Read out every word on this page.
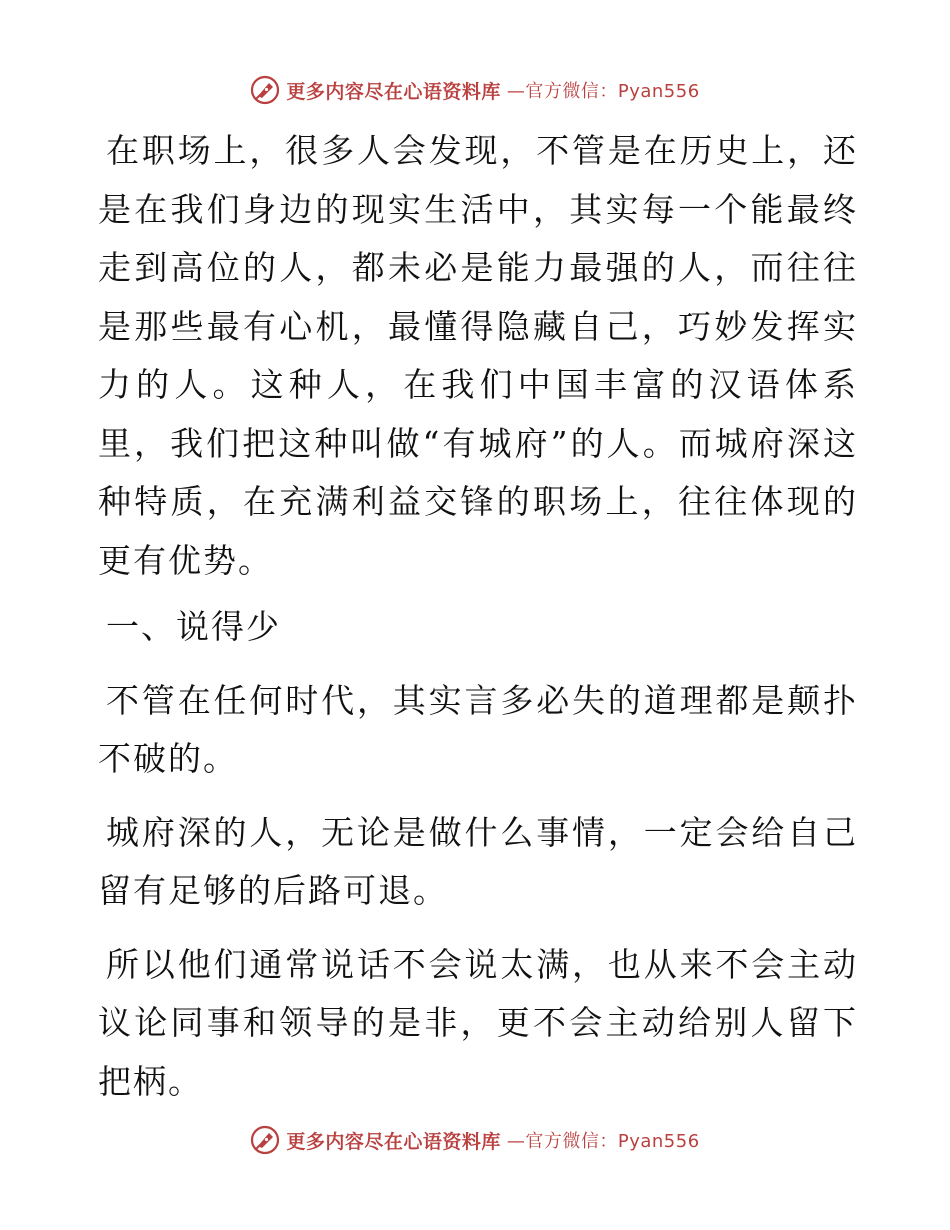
更多内容尽在心语资料库 —官方微信：Pyan556

在职场上，很多人会发现，不管是在历史上，还是在我们身边的现实生活中，其实每一个能最终走到高位的人，都未必是能力最强的人，而往往是那些最有心机，最懂得隐藏自己，巧妙发挥实力的人。这种人，在我们中国丰富的汉语体系里，我们把这种叫做“有城府”的人。而城府深这种特质，在充满利益交锋的职场上，往往体现的更有优势。

一、说得少

不管在任何时代，其实言多必失的道理都是颠扑不破的。

城府深的人，无论是做什么事情，一定会给自己留有足够的后路可退。

所以他们通常说话不会说太满，也从来不会主动议论同事和领导的是非，更不会主动给别人留下把柄。

更多内容尽在心语资料库 —官方微信：Pyan556
